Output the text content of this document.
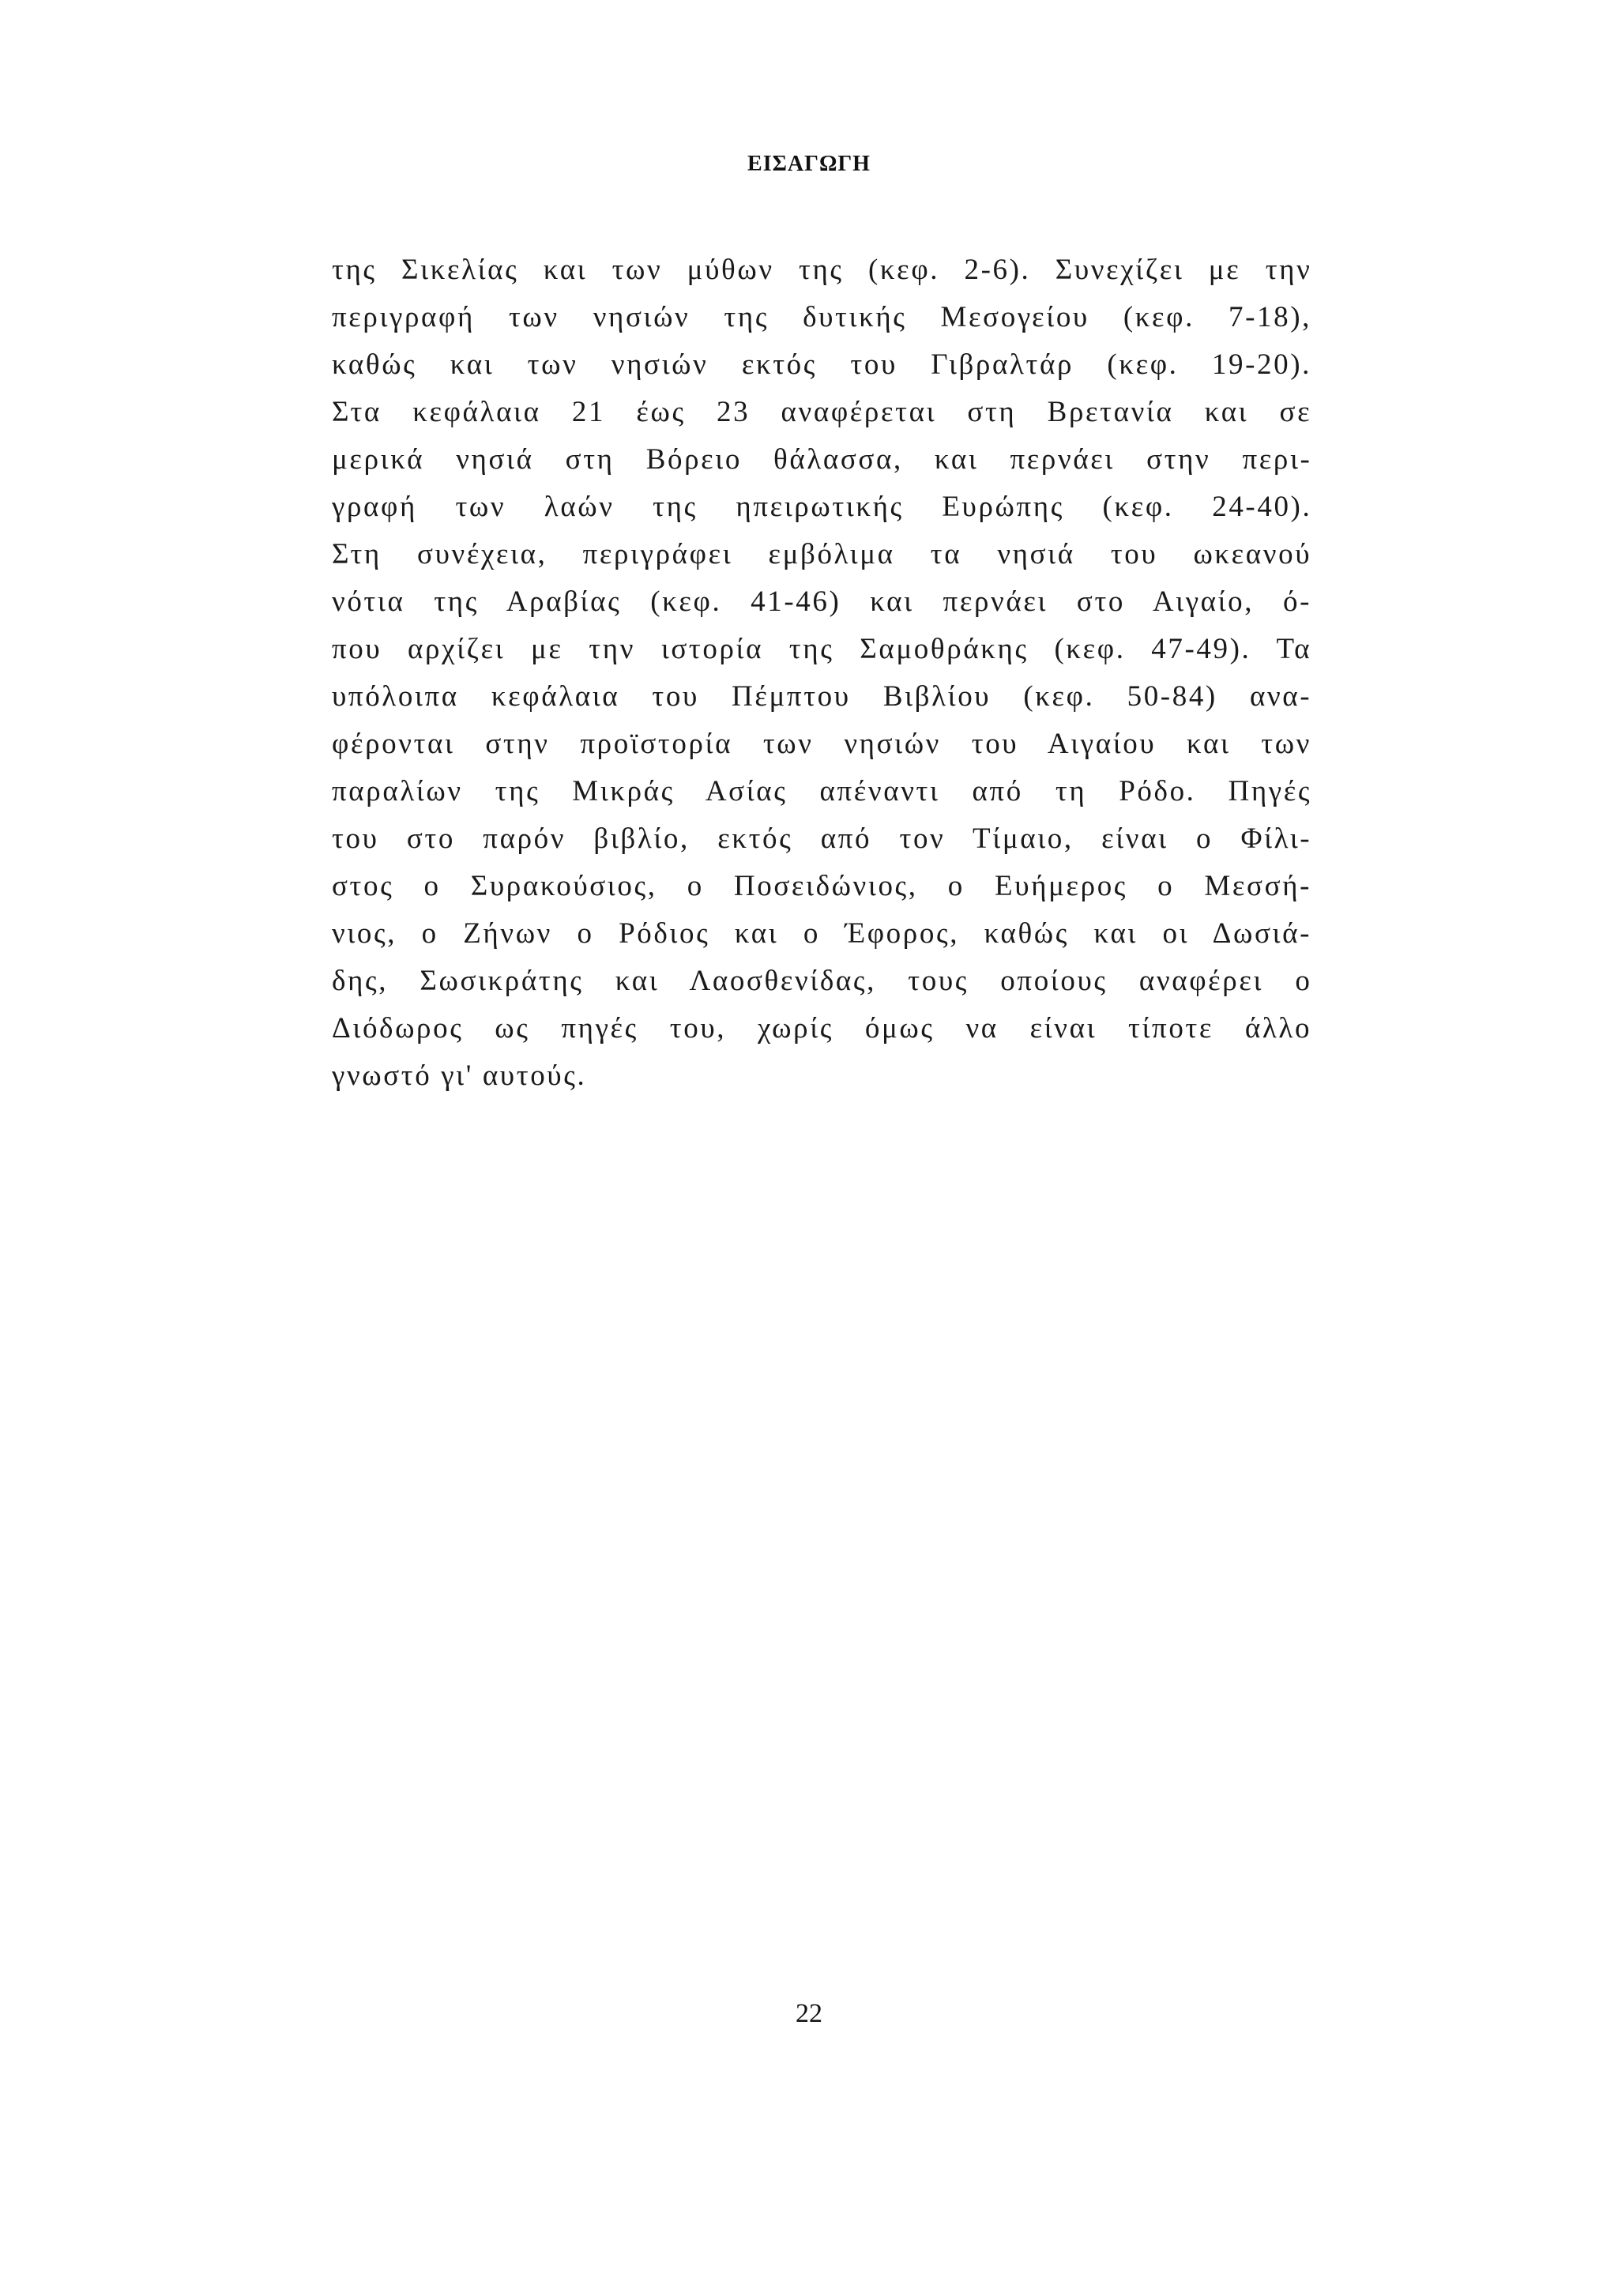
ΕΙΣΑΓΩΓΗ
της Σικελίας και των μύθων της (κεφ. 2-6). Συνεχίζει με την
περιγραφή των νησιών της δυτικής Μεσογείου (κεφ. 7-18),
καθώς και των νησιών εκτός του Γιβραλτάρ (κεφ. 19-20).
Στα κεφάλαια 21 έως 23 αναφέρεται στη Βρετανία και σε
μερικά νησιά στη Βόρειο θάλασσα, και περνάει στην περι-
γραφή των λαών της ηπειρωτικής Ευρώπης (κεφ. 24-40).
Στη συνέχεια, περιγράφει εμβόλιμα τα νησιά του ωκεανού
νότια της Αραβίας (κεφ. 41-46) και περνάει στο Αιγαίο, ό-
που αρχίζει με την ιστορία της Σαμοθράκης (κεφ. 47-49). Τα
υπόλοιπα κεφάλαια του Πέμπτου Βιβλίου (κεφ. 50-84) ανα-
φέρονται στην προϊστορία των νησιών του Αιγαίου και των
παραλίων της Μικράς Ασίας απέναντι από τη Ρόδο. Πηγές
του στο παρόν βιβλίο, εκτός από τον Τίμαιο, είναι ο Φίλι-
στος ο Συρακούσιος, ο Ποσειδώνιος, ο Ευήμερος ο Μεσσή-
νιος, ο Ζήνων ο Ρόδιος και ο Έφορος, καθώς και οι Δωσιά-
δης, Σωσικράτης και Λαοσθενίδας, τους οποίους αναφέρει ο
Διόδωρος ως πηγές του, χωρίς όμως να είναι τίποτε άλλο
γνωστό γι' αυτούς.
22
